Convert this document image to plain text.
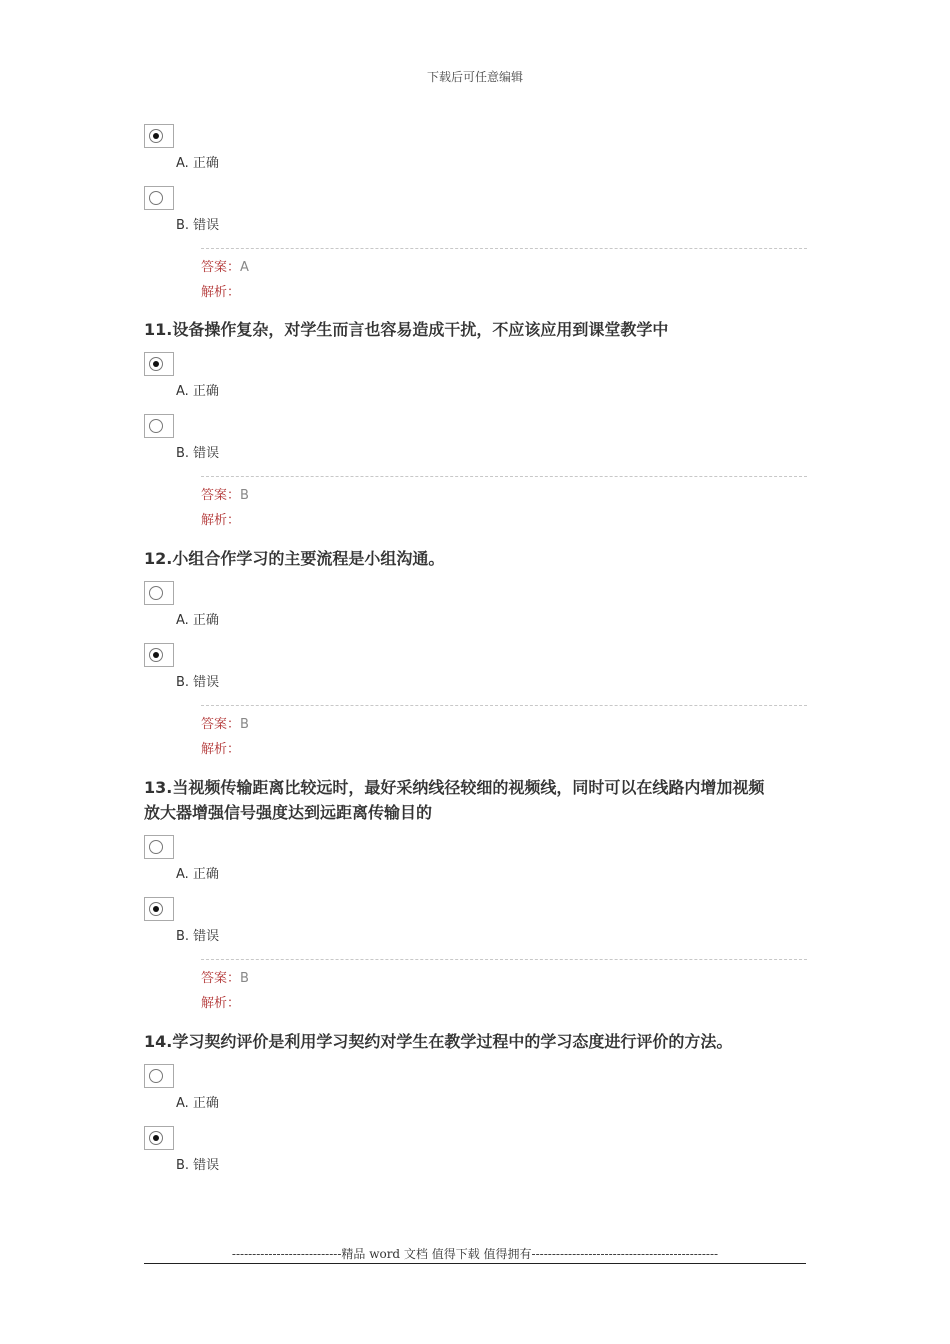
下载后可任意编辑
A. 正确
B. 错误
答案：A
解析：

11.设备操作复杂，对学生而言也容易造成干扰，不应该应用到课堂教学中

A. 正确
B. 错误
答案：B
解析：

12.小组合作学习的主要流程是小组沟通。

A. 正确
B. 错误
答案：B
解析：

13.当视频传输距离比较远时，最好采纳线径较细的视频线，同时可以在线路内增加视频
放大器增强信号强度达到远距离传输目的

A. 正确
B. 错误
答案：B
解析：

14.学习契约评价是利用学习契约对学生在教学过程中的学习态度进行评价的方法。

A. 正确
B. 错误
---------------------------精品 word 文档 值得下载 值得拥有----------------------------------------------
